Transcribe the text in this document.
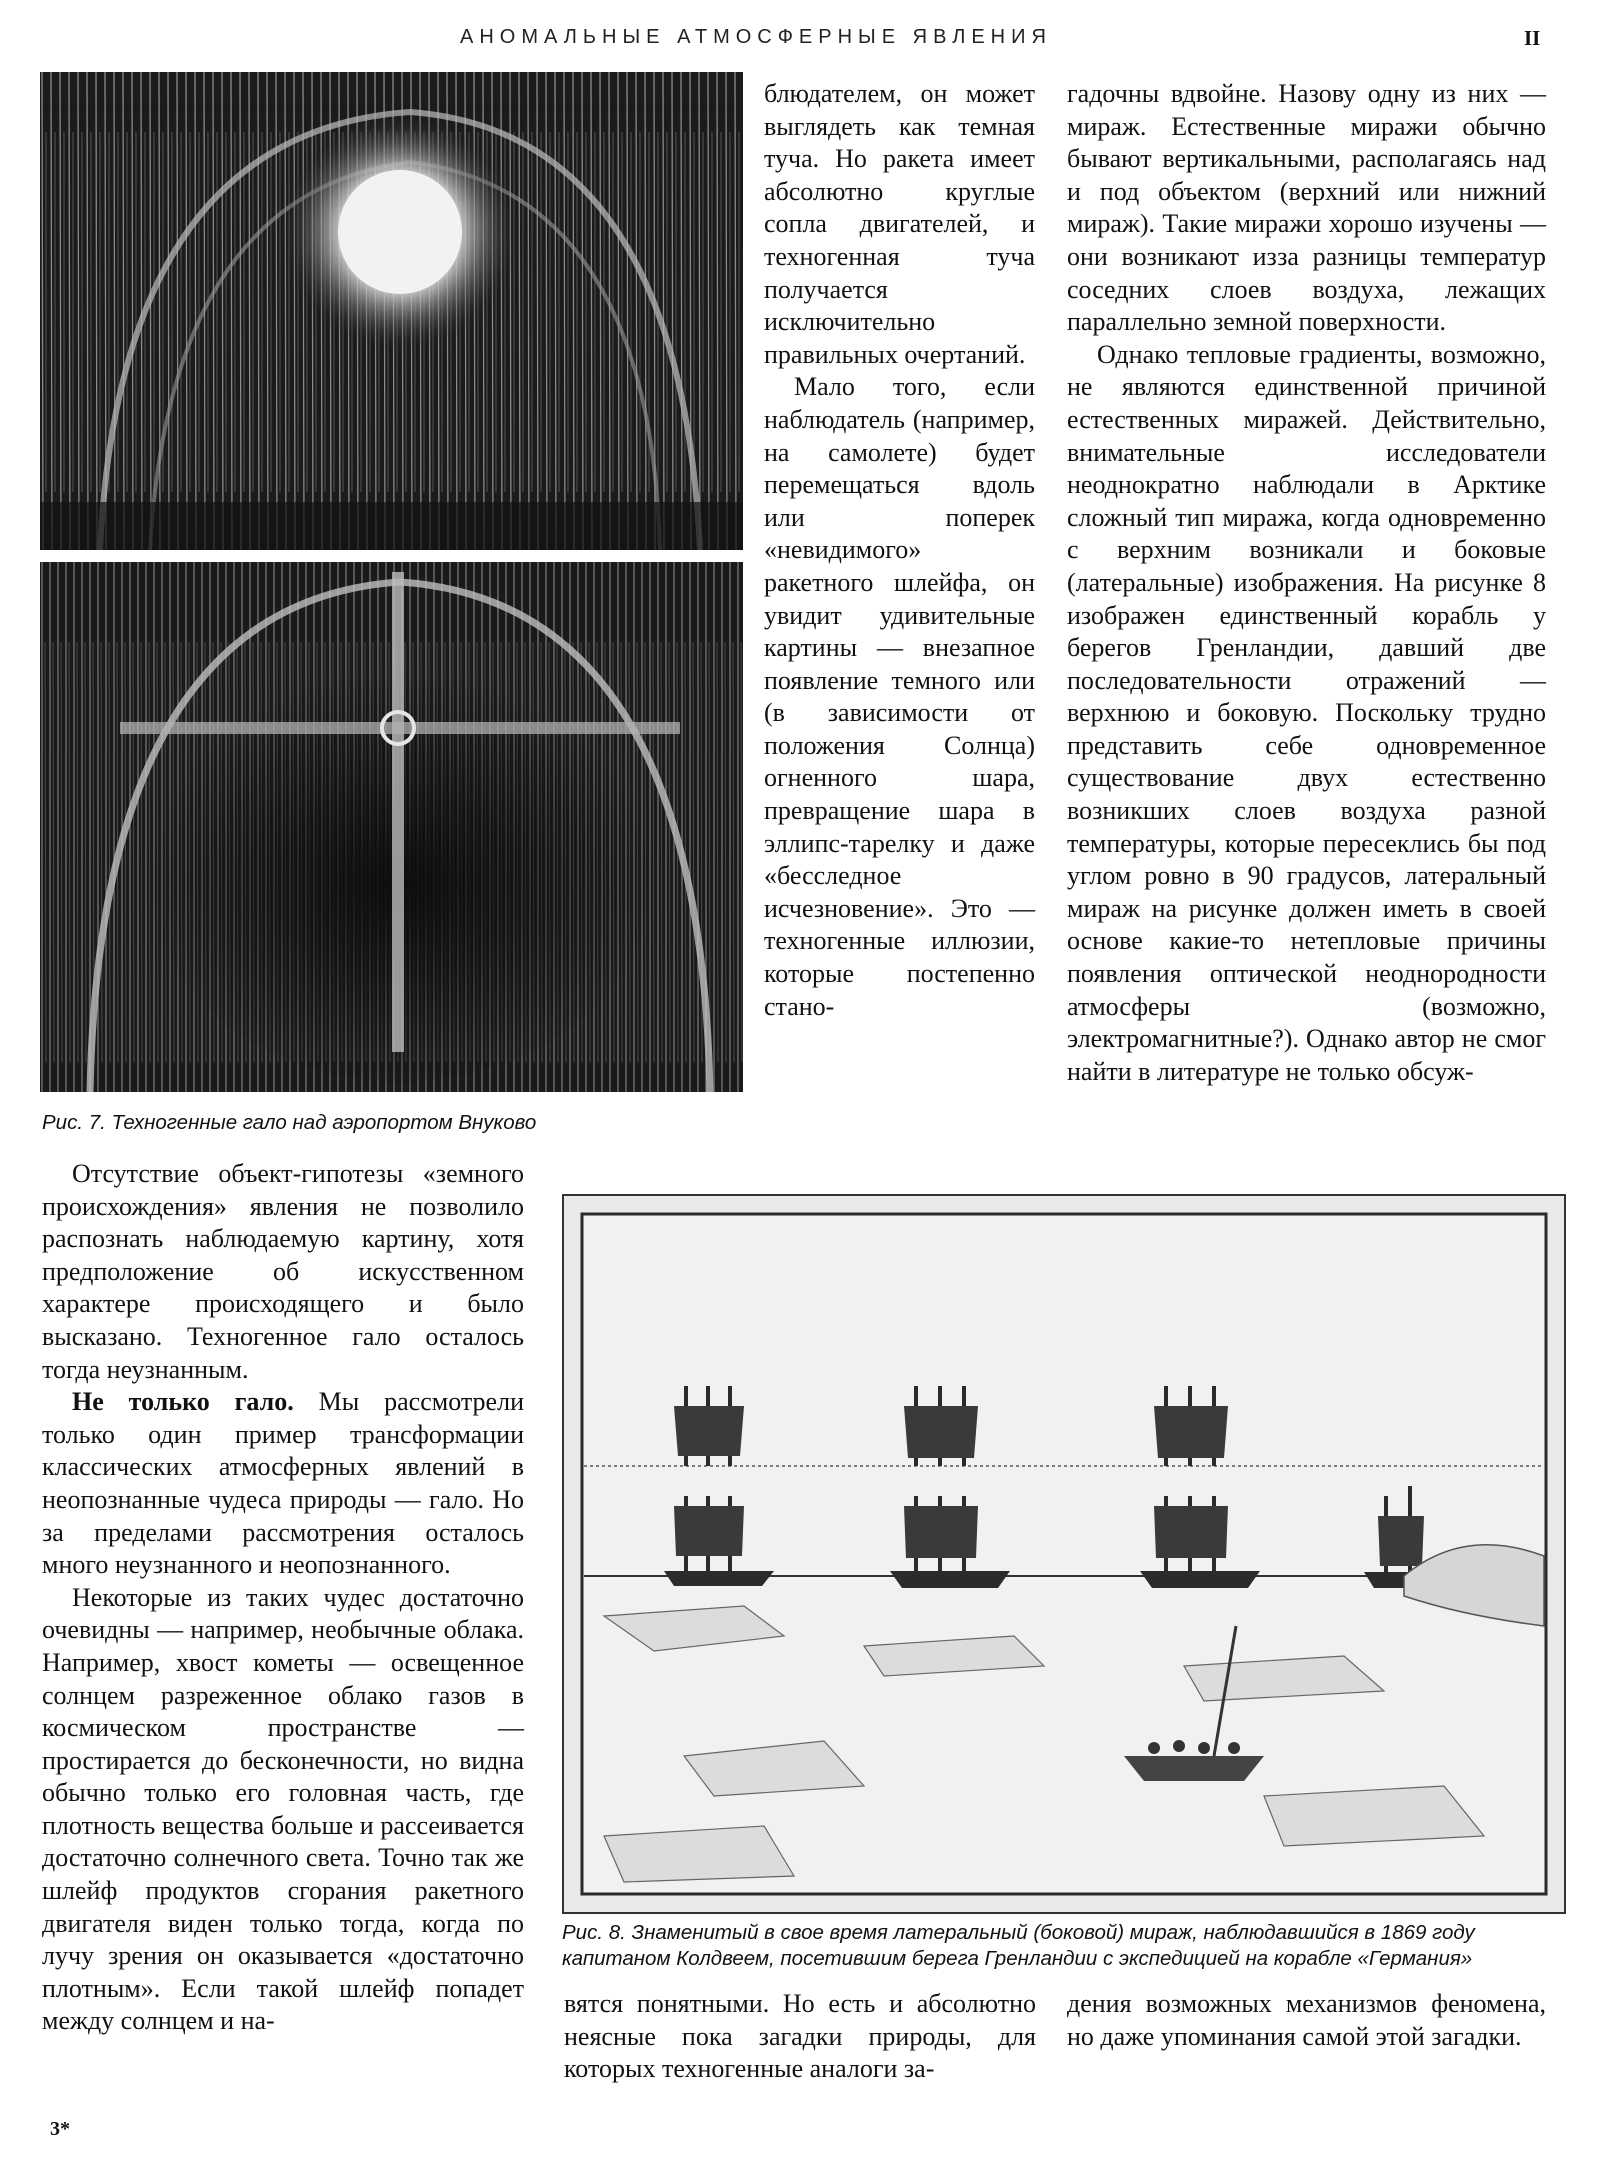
АНОМАЛЬНЫЕ АТМОСФЕРНЫЕ ЯВЛЕНИЯ	II
Рис. 7. Техногенные гало над аэропортом Внуково

блюдателем, он может выглядеть как темная туча. Но ракета имеет абсолютно круглые сопла двигателей, и техногенная туча получается исключительно правильных очертаний.

Мало того, если наблюдатель (например, на самолете) будет перемещаться вдоль или поперек «невидимого» ракетного шлейфа, он увидит удивительные картины — внезапное появление темного или (в зависимости от положения Солнца) огненного шара, превращение шара в эллипс-тарелку и даже «бесследное исчезновение». Это — техногенные иллюзии, которые постепенно стано-

гадочны вдвойне. Назову одну из них — мираж. Естественные миражи обычно бывают вертикальными, располагаясь над и под объектом (верхний или нижний мираж). Такие миражи хорошо изучены — они возникают изза разницы температур соседних слоев воздуха, лежащих параллельно земной поверхности.

Однако тепловые градиенты, возможно, не являются единственной причиной естественных миражей. Действительно, внимательные исследователи неоднократно наблюдали в Арктике сложный тип миража, когда одновременно с верхним возникали и боковые (латеральные) изображения. На рисунке 8 изображен единственный корабль у берегов Гренландии, давший две последовательности отражений — верхнюю и боковую. Поскольку трудно представить себе одновременное существование двух естественно возникших слоев воздуха разной температуры, которые пересеклись бы под углом ровно в 90 градусов, латеральный мираж на рисунке должен иметь в своей основе какие-то нетепловые причины появления оптической неоднородности атмосферы (возможно, электромагнитные?). Однако автор не смог найти в литературе не только обсуж-

Отсутствие объект-гипотезы «земного происхождения» явления не позволило распознать наблюдаемую картину, хотя предположение об искусственном характере происходящего и было высказано. Техногенное гало осталось тогда неузнанным.

Не только гало. Мы рассмотрели только один пример трансформации классических атмосферных явлений в неопознанные чудеса природы — гало. Но за пределами рассмотрения осталось много неузнанного и неопознанного.

Некоторые из таких чудес достаточно очевидны — например, необычные облака. Например, хвост кометы — освещенное солнцем разреженное облако газов в космическом пространстве — простирается до бесконечности, но видна обычно только его головная часть, где плотность вещества больше и рассеивается достаточно солнечного света. Точно так же шлейф продуктов сгорания ракетного двигателя виден только тогда, когда по лучу зрения он оказывается «достаточно плотным». Если такой шлейф попадет между солнцем и на-

Рис. 8. Знаменитый в свое время латеральный (боковой) мираж, наблюдавшийся в 1869 году капитаном Колдвеем, посетившим берега Гренландии с экспедицией на корабле «Германия»

вятся понятными. Но есть и абсолютно неясные пока загадки природы, для которых техногенные аналоги за-

дения возможных механизмов феномена, но даже упоминания самой этой загадки.

3*
